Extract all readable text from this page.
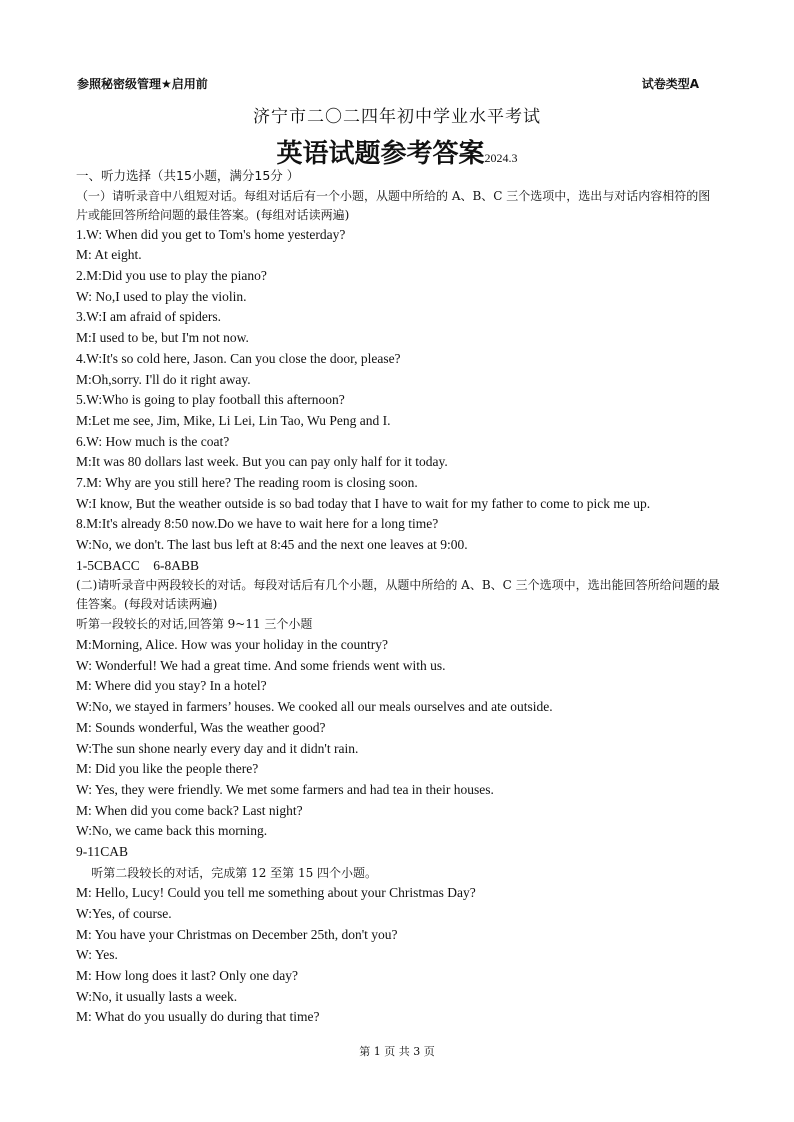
参照秘密级管理★启用前	试卷类型A
济宁市二〇二四年初中学业水平考试
英语试题参考答案2024.3
一、听力选择（共15小题，满分15分 ）
（一）请听录音中八组短对话。每组对话后有一个小题，从题中所给的 A、B、C 三个选项中，选出与对话内容相符的图片或能回答所给问题的最佳答案。(每组对话读两遍)
1.W: When did you get to Tom's home yesterday?
M: At eight.
2.M:Did you use to play the piano?
W: No,I used to play the violin.
3.W:I am afraid of spiders.
M:I used to be, but I'm not now.
4.W:It's so cold here, Jason. Can you close the door, please?
M:Oh,sorry. I'll do it right away.
5.W:Who is going to play football this afternoon?
M:Let me see, Jim, Mike, Li Lei, Lin Tao, Wu Peng and I.
6.W: How much is the coat?
M:It was 80 dollars last week. But you can pay only half for it today.
7.M: Why are you still here? The reading room is closing soon.
W:I know, But the weather outside is so bad today that I have to wait for my father to come to pick me up.
8.M:It's already 8:50 now.Do we have to wait here for a long time?
W:No, we don't. The last bus left at 8:45 and the next one leaves at 9:00.
1-5CBACC    6-8ABB
(二)请听录音中两段较长的对话。每段对话后有几个小题，从题中所给的 A、B、C 三个选项中，选出能回答所给问题的最佳答案。(每段对话读两遍)
听第一段较长的对话,回答第 9~11 三个小题
M:Morning, Alice. How was your holiday in the country?
W: Wonderful! We had a great time. And some friends went with us.
M: Where did you stay? In a hotel?
W:No, we stayed in farmers’ houses. We cooked all our meals ourselves and ate outside.
M: Sounds wonderful, Was the weather good?
W:The sun shone nearly every day and it didn't rain.
M: Did you like the people there?
W: Yes, they were friendly. We met some farmers and had tea in their houses.
M: When did you come back? Last night?
W:No, we came back this morning.
9-11CAB
听第二段较长的对话，完成第 12 至第 15 四个小题。
M: Hello, Lucy! Could you tell me something about your Christmas Day?
W:Yes, of course.
M: You have your Christmas on December 25th, don't you?
W: Yes.
M: How long does it last? Only one day?
W:No, it usually lasts a week.
M: What do you usually do during that time?
第 1 页 共 3 页
